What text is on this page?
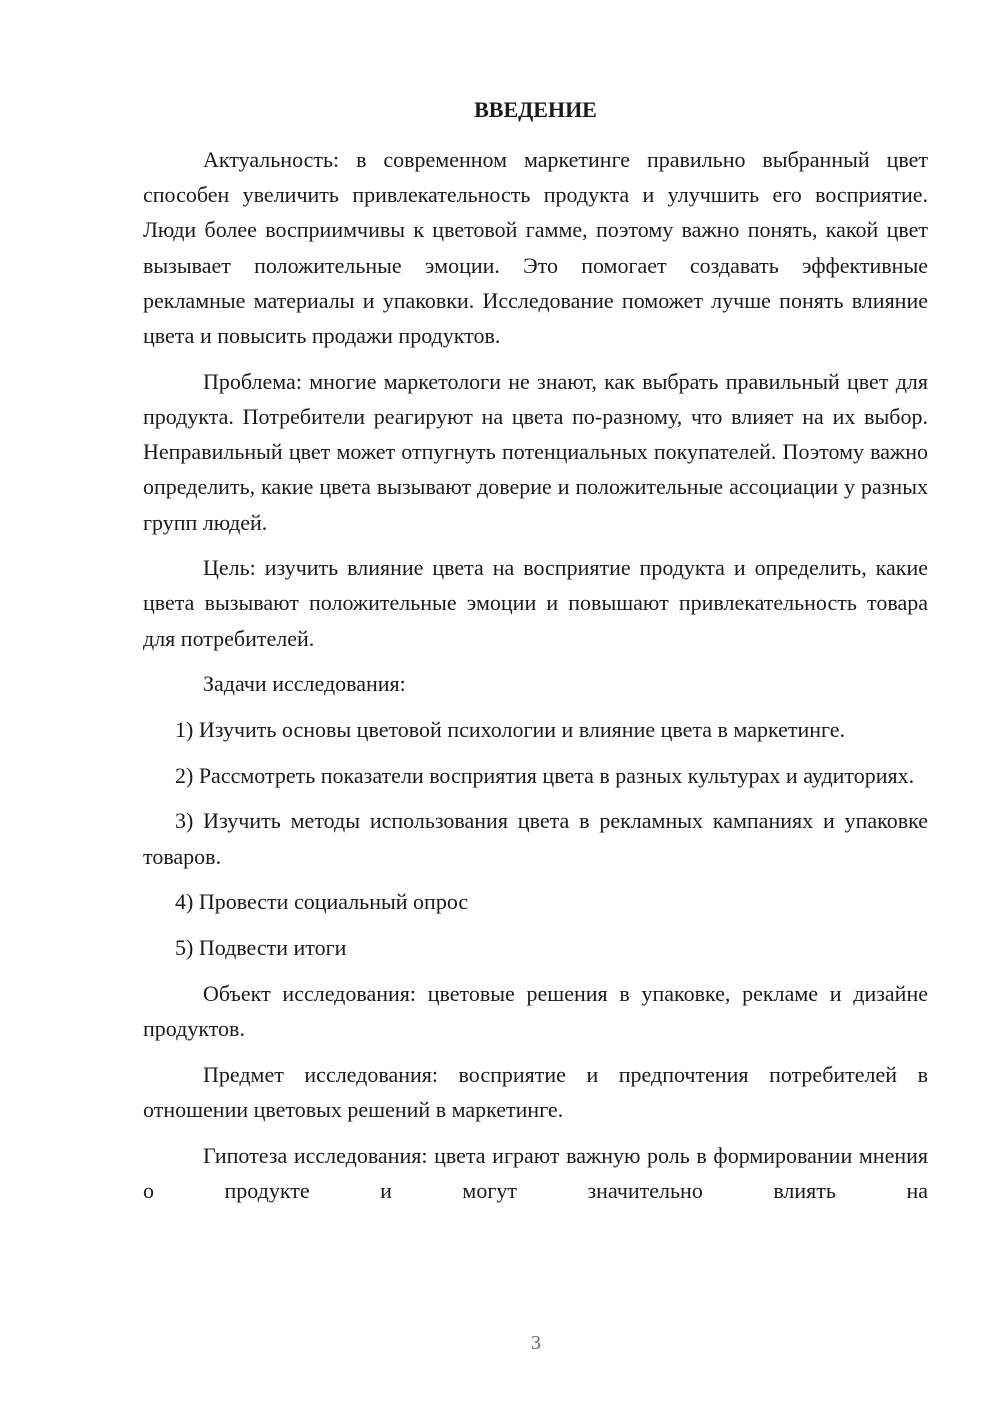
ВВЕДЕНИЕ

Актуальность: в современном маркетинге правильно выбранный цвет способен увеличить привлекательность продукта и улучшить его восприятие. Люди более восприимчивы к цветовой гамме, поэтому важно понять, какой цвет вызывает положительные эмоции. Это помогает создавать эффективные рекламные материалы и упаковки. Исследование поможет лучше понять влияние цвета и повысить продажи продуктов.

Проблема: многие маркетологи не знают, как выбрать правильный цвет для продукта. Потребители реагируют на цвета по-разному, что влияет на их выбор. Неправильный цвет может отпугнуть потенциальных покупателей. Поэтому важно определить, какие цвета вызывают доверие и положительные ассоциации у разных групп людей.

Цель: изучить влияние цвета на восприятие продукта и определить, какие цвета вызывают положительные эмоции и повышают привлекательность товара для потребителей.

Задачи исследования:

1) Изучить основы цветовой психологии и влияние цвета в маркетинге.

2) Рассмотреть показатели восприятия цвета в разных культурах и аудиториях.

3) Изучить методы использования цвета в рекламных кампаниях и упаковке товаров.

4) Провести социальный опрос

5) Подвести итоги

Объект исследования: цветовые решения в упаковке, рекламе и дизайне продуктов.

Предмет исследования: восприятие и предпочтения потребителей в отношении цветовых решений в маркетинге.

Гипотеза исследования: цвета играют важную роль в формировании мнения о продукте и могут значительно влиять на

3
